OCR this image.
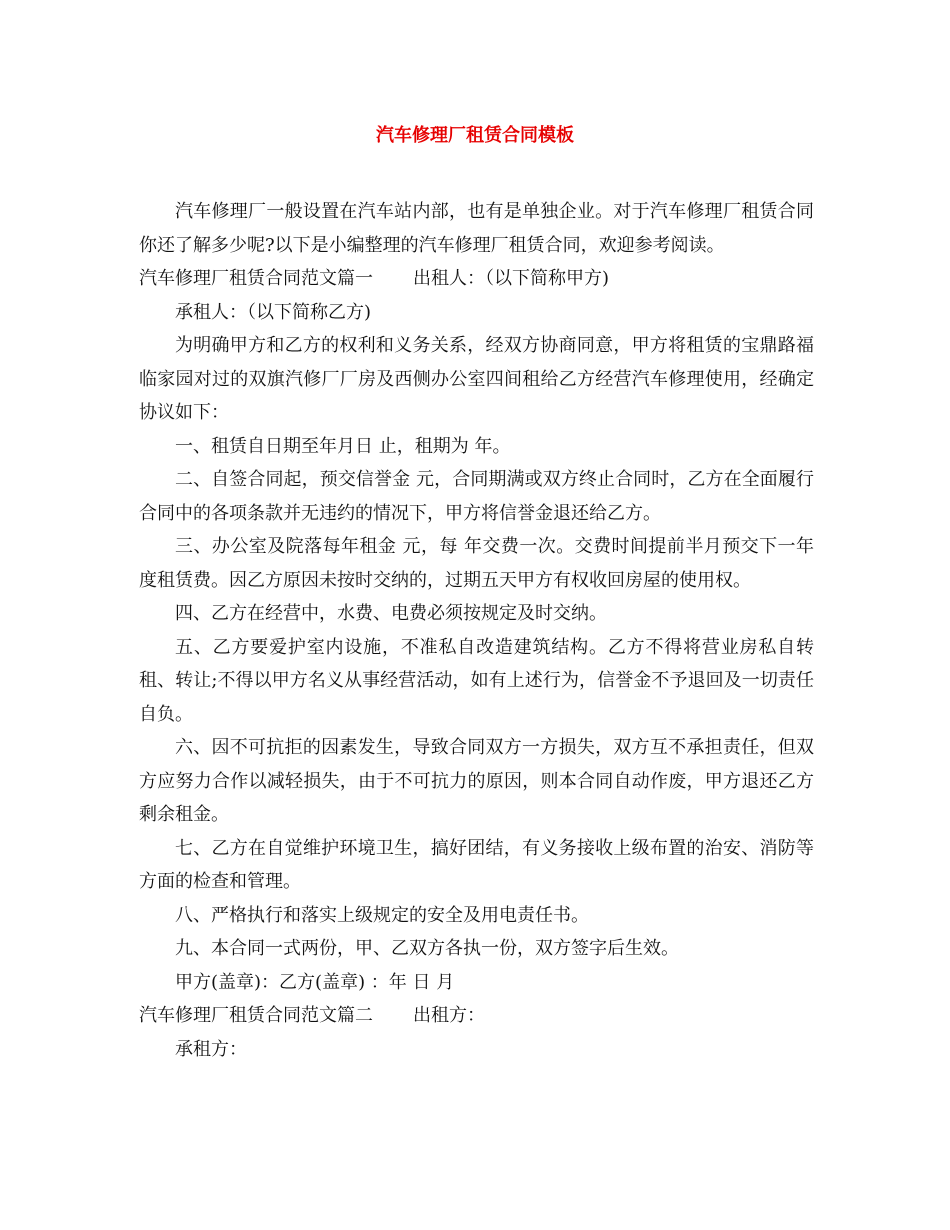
汽车修理厂租赁合同模板

汽车修理厂一般设置在汽车站内部，也有是单独企业。对于汽车修理厂租赁合同你还了解多少呢?以下是小编整理的汽车修理厂租赁合同，欢迎参考阅读。

汽车修理厂租赁合同范文篇一 出租人：（以下简称甲方)

承租人：（以下简称乙方)

为明确甲方和乙方的权利和义务关系，经双方协商同意，甲方将租赁的宝鼎路福临家园对过的双旗汽修厂厂房及西侧办公室四间租给乙方经营汽车修理使用，经确定协议如下：

一、租赁自日期至年月日 止，租期为 年。

二、自签合同起，预交信誉金 元，合同期满或双方终止合同时，乙方在全面履行合同中的各项条款并无违约的情况下，甲方将信誉金退还给乙方。

三、办公室及院落每年租金 元，每 年交费一次。交费时间提前半月预交下一年度租赁费。因乙方原因未按时交纳的，过期五天甲方有权收回房屋的使用权。

四、乙方在经营中，水费、电费必须按规定及时交纳。

五、乙方要爱护室内设施，不准私自改造建筑结构。乙方不得将营业房私自转租、转让;不得以甲方名义从事经营活动，如有上述行为，信誉金不予退回及一切责任自负。

六、因不可抗拒的因素发生，导致合同双方一方损失，双方互不承担责任，但双方应努力合作以减轻损失，由于不可抗力的原因，则本合同自动作废，甲方退还乙方剩余租金。

七、乙方在自觉维护环境卫生，搞好团结，有义务接收上级布置的治安、消防等方面的检查和管理。

八、严格执行和落实上级规定的安全及用电责任书。

九、本合同一式两份，甲、乙双方各执一份，双方签字后生效。

甲方(盖章)：乙方(盖章) ：年 日 月

汽车修理厂租赁合同范文篇二 出租方：

承租方：
